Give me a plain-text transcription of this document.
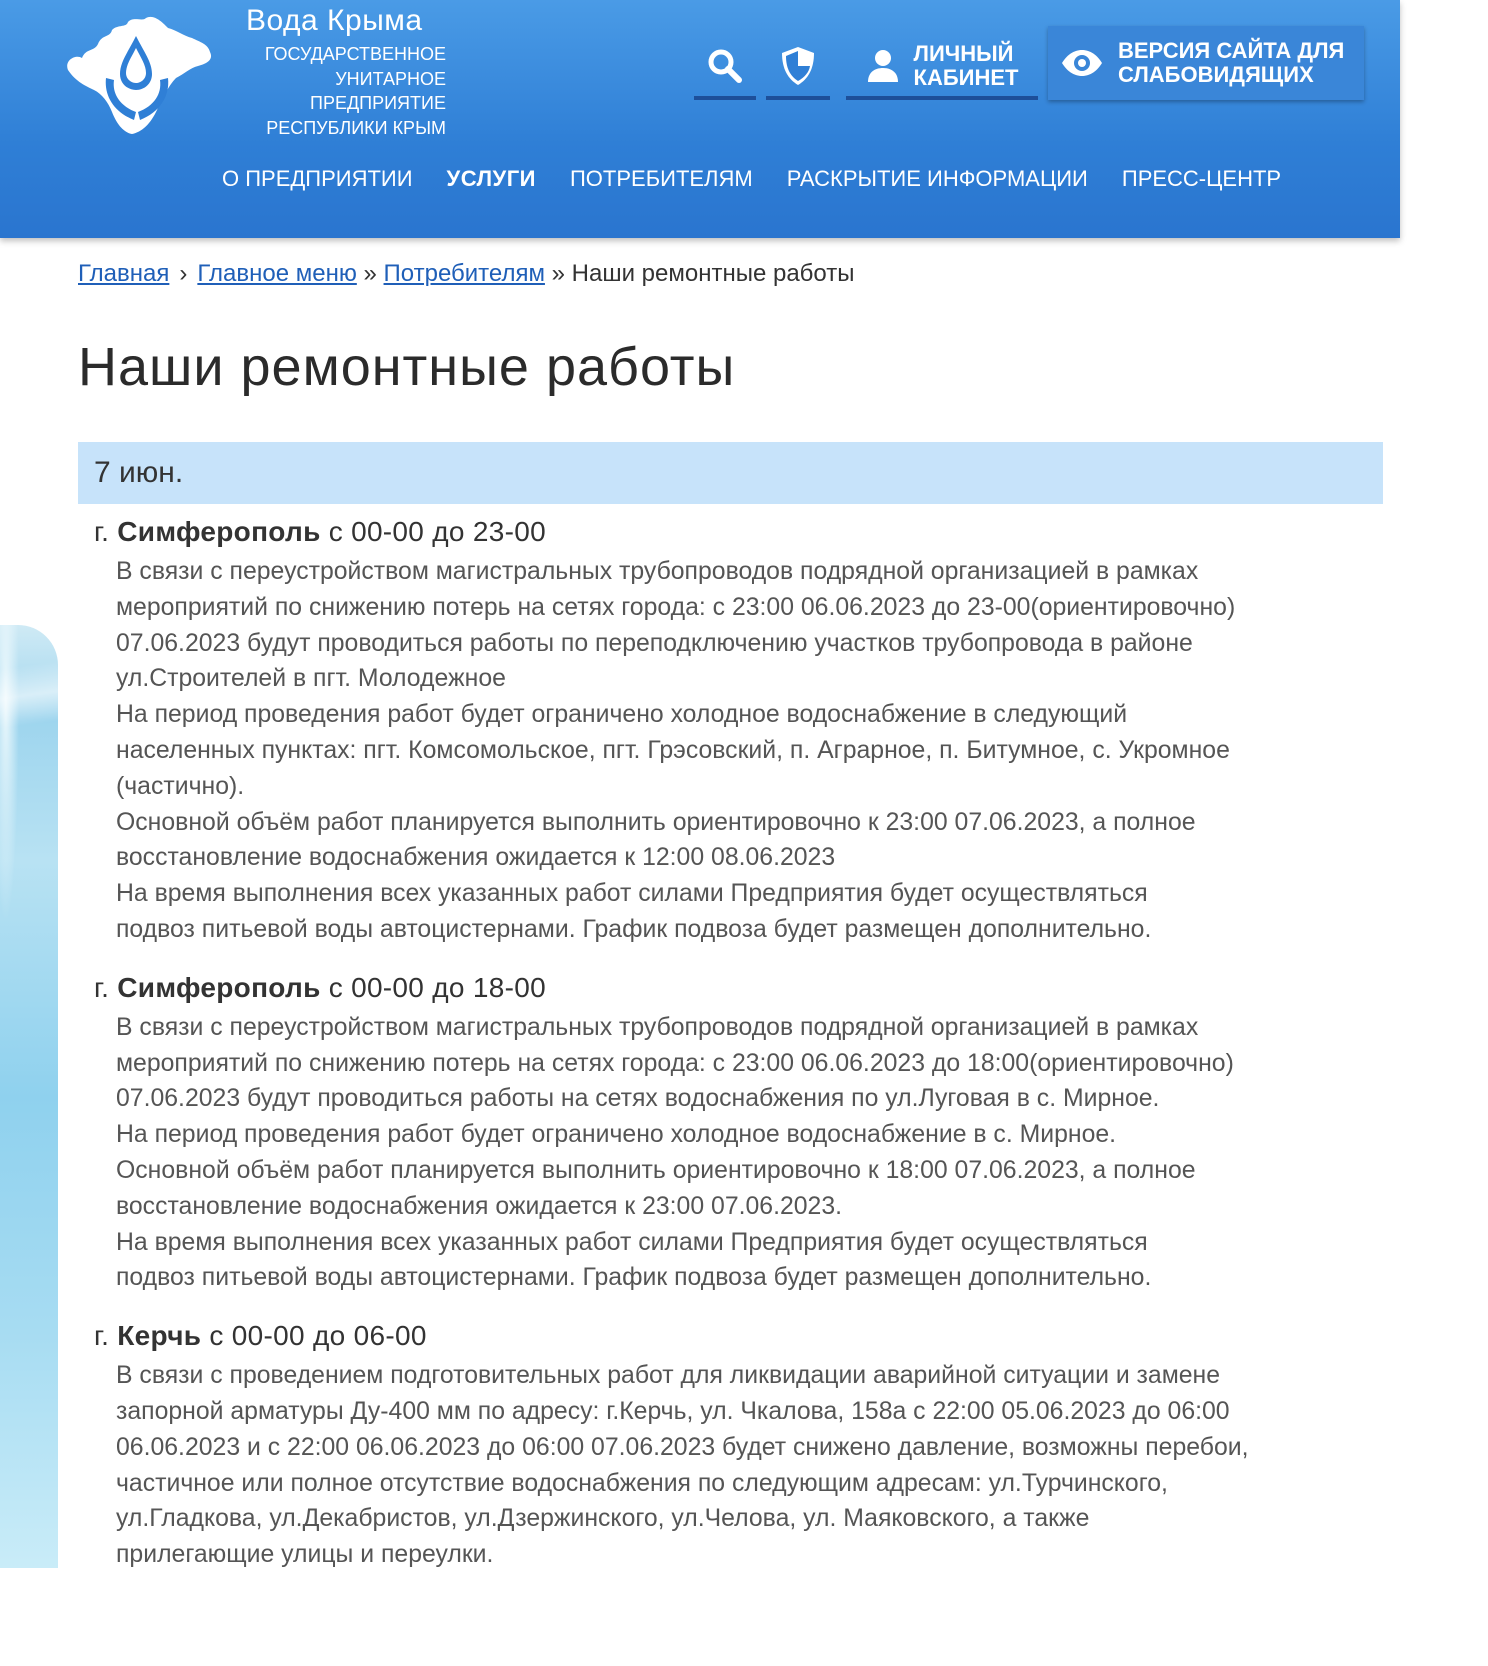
Вода Крыма
ГОСУДАРСТВЕННОЕ
УНИТАРНОЕ
ПРЕДПРИЯТИЕ
РЕСПУБЛИКИ КРЫМ
ЛИЧНЫЙ
КАБИНЕТ
ВЕРСИЯ САЙТА ДЛЯ
СЛАБОВИДЯЩИХ
О ПРЕДПРИЯТИИ УСЛУГИ ПОТРЕБИТЕЛЯМ РАСКРЫТИЕ ИНФОРМАЦИИ ПРЕСС-ЦЕНТР
Главная › Главное меню » Потребителям » Наши ремонтные работы
Наши ремонтные работы
7 июн.
г. Симферополь с 00-00 до 23-00

В связи с переустройством магистральных трубопроводов подрядной организацией в рамках

мероприятий по снижению потерь на сетях города: с 23:00 06.06.2023 до 23-00(ориентировочно)

07.06.2023 будут проводиться работы по переподключению участков трубопровода в районе

ул.Строителей в пгт. Молодежное

На период проведения работ будет ограничено холодное водоснабжение в следующий

населенных пунктах: пгт. Комсомольское, пгт. Грэсовский, п. Аграрное, п. Битумное, с. Укромное

(частично).

Основной объём работ планируется выполнить ориентировочно к 23:00 07.06.2023, а полное

восстановление водоснабжения ожидается к 12:00 08.06.2023

На время выполнения всех указанных работ силами Предприятия будет осуществляться

подвоз питьевой воды автоцистернами. График подвоза будет размещен дополнительно.

г. Симферополь с 00-00 до 18-00

В связи с переустройством магистральных трубопроводов подрядной организацией в рамках

мероприятий по снижению потерь на сетях города: с 23:00 06.06.2023 до 18:00(ориентировочно)

07.06.2023 будут проводиться работы на сетях водоснабжения по ул.Луговая в с. Мирное.

На период проведения работ будет ограничено холодное водоснабжение в с. Мирное.

Основной объём работ планируется выполнить ориентировочно к 18:00 07.06.2023, а полное

восстановление водоснабжения ожидается к 23:00 07.06.2023.

На время выполнения всех указанных работ силами Предприятия будет осуществляться

подвоз питьевой воды автоцистернами. График подвоза будет размещен дополнительно.

г. Керчь с 00-00 до 06-00

В связи с проведением подготовительных работ для ликвидации аварийной ситуации и замене

запорной арматуры Ду-400 мм по адресу: г.Керчь, ул. Чкалова, 158а с 22:00 05.06.2023 до 06:00

06.06.2023 и с 22:00 06.06.2023 до 06:00 07.06.2023 будет снижено давление, возможны перебои,

частичное или полное отсутствие водоснабжения по следующим адресам: ул.Турчинского,

ул.Гладкова, ул.Декабристов, ул.Дзержинского, ул.Челова, ул. Маяковского, а также

прилегающие улицы и переулки.
